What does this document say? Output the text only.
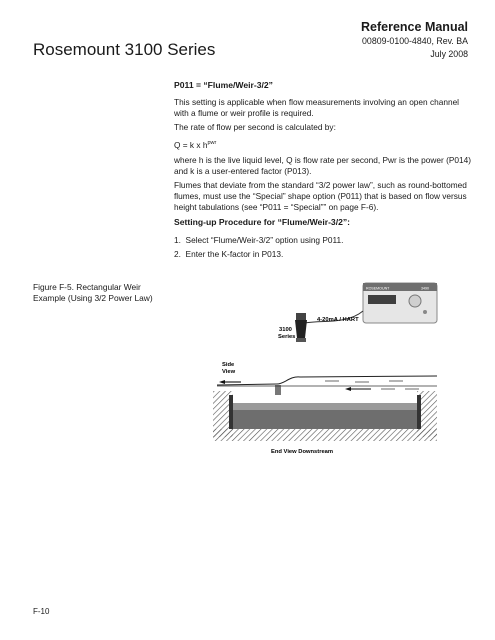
Rosemount 3100 Series
Reference Manual
00809-0100-4840, Rev. BA
July 2008
P011 = “Flume/Weir-3/2”
This setting is applicable when flow measurements involving an open channel with a flume or weir profile is required.
The rate of flow per second is calculated by:
Q = k x $h^{pwr}$
where h is the live liquid level, Q is flow rate per second, Pwr is the power (P014) and k is a user-entered factor (P013).
Flumes that deviate from the standard “3/2 power law”, such as round-bottomed flumes, must use the “Special” shape option (P011) that is based on flow versus height tabulations (see “P011 = “Special”” on page F-6).
Setting-up Procedure for “Flume/Weir-3/2”:
1. Select “Flume/Weir-3/2” option using P011.
2. Enter the K-factor in P013.
Figure F-5. Rectangular Weir Example (Using 3/2 Power Law)
ROSEMOUNT	3490
4-20mA / HART
3100
Series
Side
View
End View Downstream
F-10
